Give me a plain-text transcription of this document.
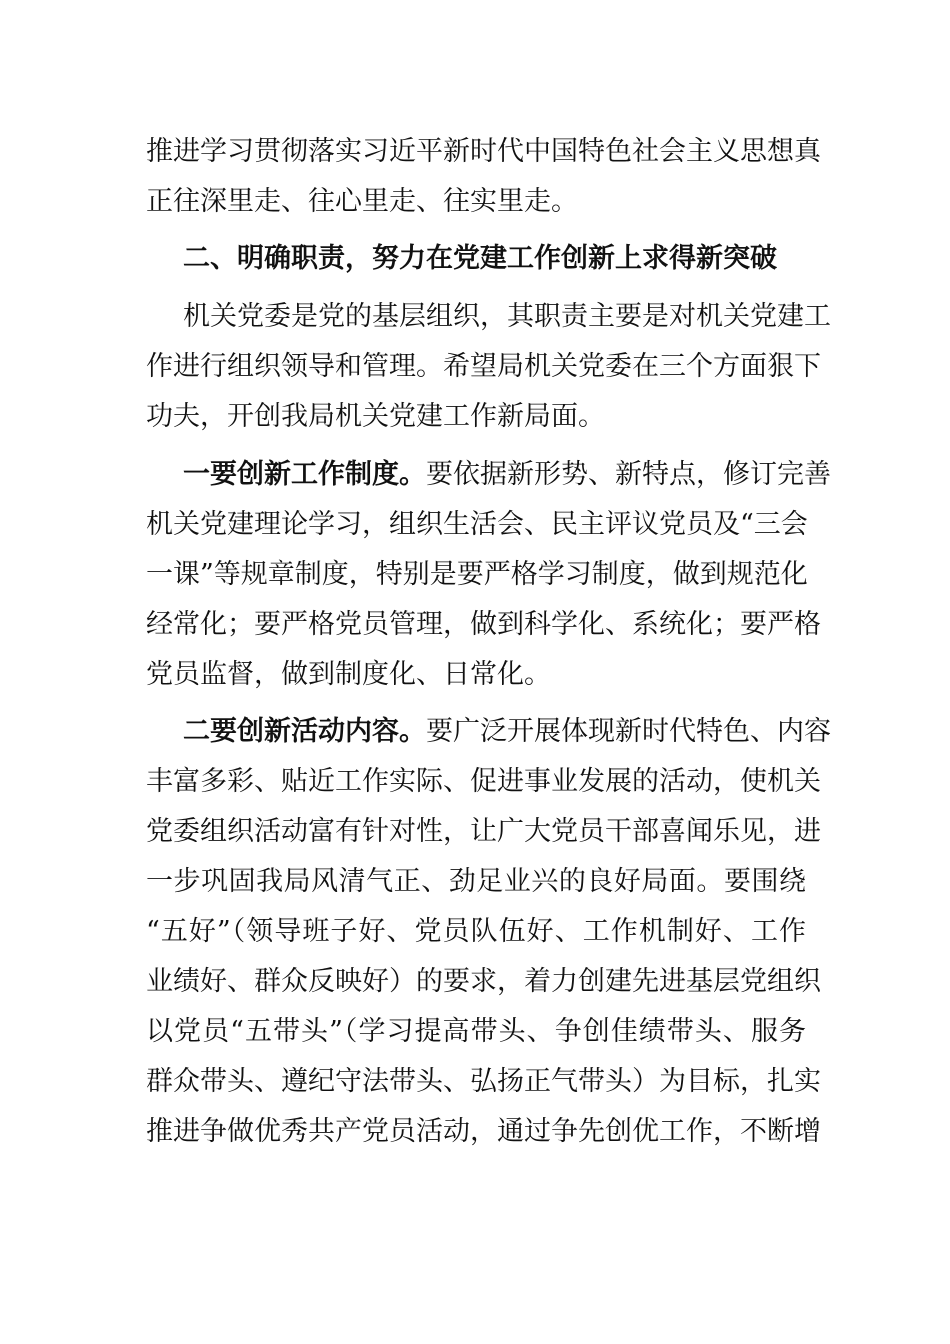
推进学习贯彻落实习近平新时代中国特色社会主义思想真
正往深里走、往心里走、往实里走。
二、明确职责，努力在党建工作创新上求得新突破
机关党委是党的基层组织，其职责主要是对机关党建工
作进行组织领导和管理。希望局机关党委在三个方面狠下
功夫，开创我局机关党建工作新局面。
一要创新工作制度。要依据新形势、新特点，修订完善
机关党建理论学习，组织生活会、民主评议党员及“三会
一课”等规章制度，特别是要严格学习制度，做到规范化
经常化；要严格党员管理，做到科学化、系统化；要严格
党员监督，做到制度化、日常化。
二要创新活动内容。要广泛开展体现新时代特色、内容
丰富多彩、贴近工作实际、促进事业发展的活动，使机关
党委组织活动富有针对性，让广大党员干部喜闻乐见，进
一步巩固我局风清气正、劲足业兴的良好局面。要围绕
“五好”（领导班子好、党员队伍好、工作机制好、工作
业绩好、群众反映好）的要求，着力创建先进基层党组织
以党员“五带头”（学习提高带头、争创佳绩带头、服务
群众带头、遵纪守法带头、弘扬正气带头）为目标，扎实
推进争做优秀共产党员活动，通过争先创优工作，不断增
